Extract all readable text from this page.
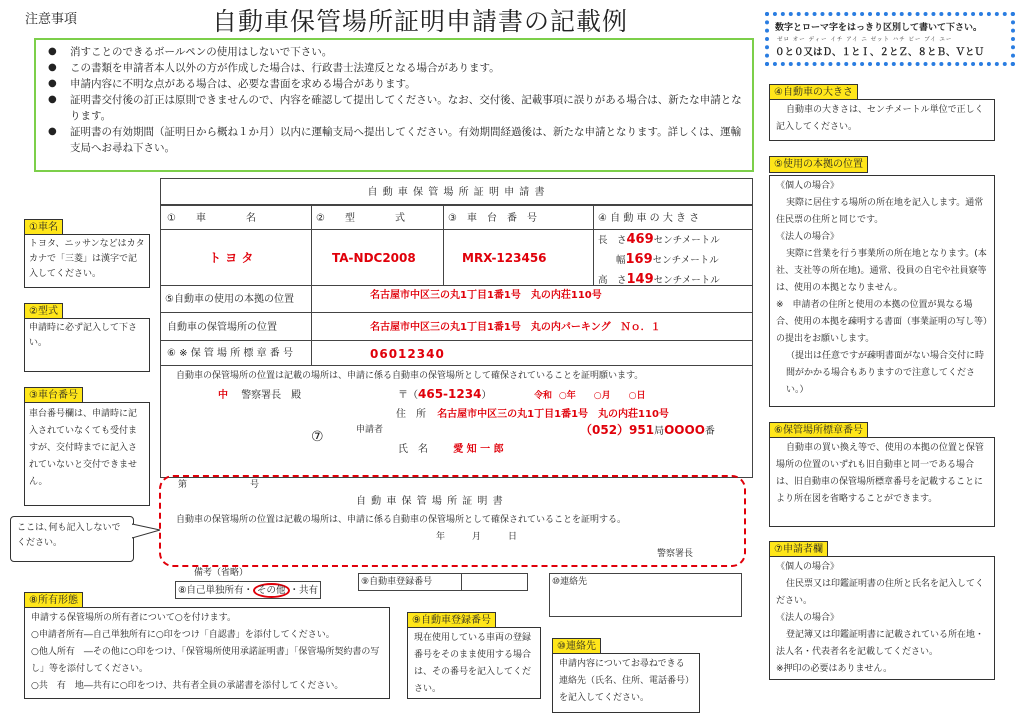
注意事項	自動車保管場所証明申請書の記載例	数字とローマ字をはっきり区別して書いて下さい。
ゼロ オー ディー イチ アイ ニ ゼット ハチ ビー ブイ ユー
０と０又はＤ、１とＩ、２とＺ、８とＢ、ＶとＵ
● 消すことのできるボールペンの使用はしないで下さい。
● この書類を申請者本人以外の方が作成した場合は、行政書士法違反となる場合があります。
● 申請内容に不明な点がある場合は、必要な書面を求める場合があります。
● 証明書交付後の訂正は原則できませんので、内容を確認して提出してください。なお、交付後、記載事項に誤りがある場合は、新たな申請となります。
● 証明書の有効期間（証明日から概ね１か月）以内に運輸支局へ提出してください。有効期間経過後は、新たな申請となります。詳しくは、運輸支局へお尋ね下さい。
自 動 車 保 管 場 所 証 明 申 請 書
①　　車　　　　名	②　　型　　　　式	③　車　台　番　号	④ 自 動 車 の 大 き さ
ト ヨ タ	TA-NDC2008	MRX-123456
長　さ469センチメートル
幅169センチメートル
高　さ149センチメートル
⑤自動車の使用の本拠の位置	名古屋市中区三の丸1丁目1番1号　丸の内荘110号
自動車の保管場所の位置	名古屋市中区三の丸1丁目1番1号　丸の内パーキング　Ｎｏ．１
⑥ ※ 保 管 場 所 標 章 番 号	06012340
自動車の保管場所の位置は記載の場所は、申請に係る自動車の保管場所として確保されていることを証明願います。
中 警察署長　殿	〒（465-1234）	令和 ○年　　○月　　○日
住　所 名古屋市中区三の丸1丁目1番1号　丸の内荘110号
⑦	申請者	（052）951局OOOO番
氏　名	愛 知 一 郎
第　　　　　　　号
自 動 車 保 管 場 所 証 明 書
自動車の保管場所の位置は記載の場所は、申請に係る自動車の保管場所として確保されていることを証明する。
年　　　月　　　日
警察署長
備考（省略）
⑧自己単独所有・ その他 ・共有
⑨自動車登録番号	⑩連絡先
①車名
トヨタ、ニッサンなどはカタカナで「三菱」は漢字で記入してください。
②型式
申請時に必ず記入して下さい。
③車台番号
車台番号欄は、申請時に記入されていなくても受付ますが、交付時までに記入されていないと交付できません。
ここは､何も記入しないでください。
④自動車の大きさ
自動車の大きさは、センチメートル単位で正しく記入してください。
⑤使用の本拠の位置
《個人の場合》
実際に居住する場所の所在地を記入します。通常住民票の住所と同じです。
《法人の場合》
実際に営業を行う事業所の所在地となります。(本社、支社等の所在地)。通常、役員の自宅や社員寮等は、使用の本拠となりません。
※　申請者の住所と使用の本拠の位置が異なる場合、使用の本拠を疎明する書面（事業証明の写し等）の提出をお願いします。
（提出は任意ですが疎明書面がない場合交付に時間がかかる場合もありますので注意してください。）
⑥保管場所標章番号
自動車の買い換え等で、使用の本拠の位置と保管場所の位置のいずれも旧自動車と同一である場合は、旧自動車の保管場所標章番号を記載することにより所在図を省略することができます。
⑦申請者欄
《個人の場合》
住民票又は印鑑証明書の住所と氏名を記入してください。
《法人の場合》
登記簿又は印鑑証明書に記載されている所在地・法人名・代表者名を記載してください。
※押印の必要はありません。
⑧所有形態
申請する保管場所の所有者について○を付けます。
○申請者所有―自己単独所有に○印をつけ「自認書」を添付してください。
○他人所有　―その他に○印をつけ、「保管場所使用承諾証明書」「保管場所契約書の写し」等を添付してください。
○共　有　地―共有に○印をつけ、共有者全員の承諾書を添付してください。
⑨自動車登録番号
現在使用している車両の登録番号をそのまま使用する場合は、その番号を記入してください。
⑩連絡先
申請内容についてお尋ねできる連絡先（氏名、住所、電話番号）を記入してください。
